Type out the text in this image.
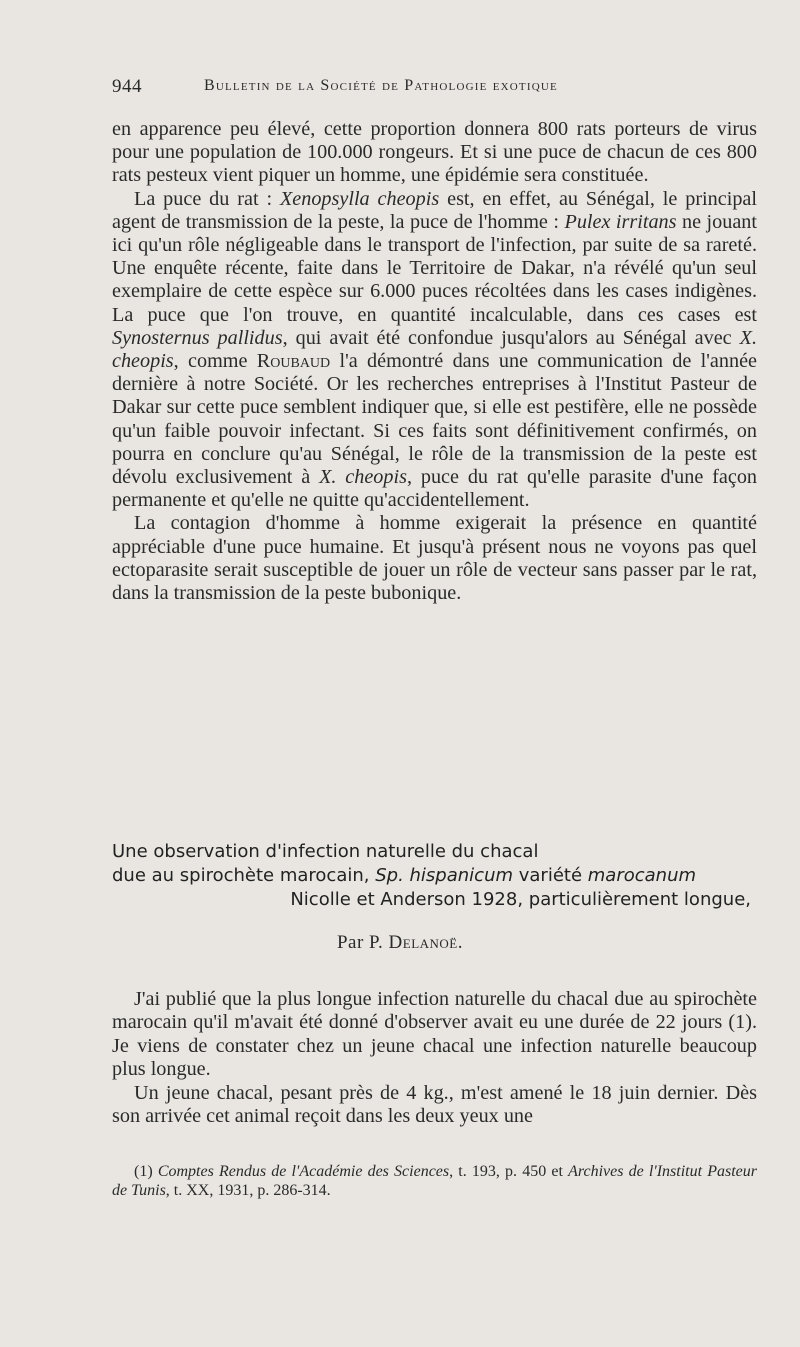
944	Bulletin de la Société de Pathologie exotique

en apparence peu élevé, cette proportion donnera 800 rats porteurs de virus pour une population de 100.000 rongeurs. Et si une puce de chacun de ces 800 rats pesteux vient piquer un homme, une épidémie sera constituée.

La puce du rat : Xenopsylla cheopis est, en effet, au Sénégal, le principal agent de transmission de la peste, la puce de l'homme : Pulex irritans ne jouant ici qu'un rôle négligeable dans le transport de l'infection, par suite de sa rareté. Une enquête récente, faite dans le Territoire de Dakar, n'a révélé qu'un seul exemplaire de cette espèce sur 6.000 puces récoltées dans les cases indigènes. La puce que l'on trouve, en quantité incalculable, dans ces cases est Synosternus pallidus, qui avait été confondue jusqu'alors au Sénégal avec X. cheopis, comme Roubaud l'a démontré dans une communication de l'année dernière à notre Société. Or les recherches entreprises à l'Institut Pasteur de Dakar sur cette puce semblent indiquer que, si elle est pestifère, elle ne possède qu'un faible pouvoir infectant. Si ces faits sont définitivement confirmés, on pourra en conclure qu'au Sénégal, le rôle de la transmission de la peste est dévolu exclusivement à X. cheopis, puce du rat qu'elle parasite d'une façon permanente et qu'elle ne quitte qu'accidentellement.

La contagion d'homme à homme exigerait la présence en quantité appréciable d'une puce humaine. Et jusqu'à présent nous ne voyons pas quel ectoparasite serait susceptible de jouer un rôle de vecteur sans passer par le rat, dans la transmission de la peste bubonique.

Une observation d'infection naturelle du chacal
due au spirochète marocain, Sp. hispanicum variété marocanum
Nicolle et Anderson 1928, particulièrement longue,
Par P. Delanoë.

J'ai publié que la plus longue infection naturelle du chacal due au spirochète marocain qu'il m'avait été donné d'observer avait eu une durée de 22 jours (1). Je viens de constater chez un jeune chacal une infection naturelle beaucoup plus longue.

Un jeune chacal, pesant près de 4 kg., m'est amené le 18 juin dernier. Dès son arrivée cet animal reçoit dans les deux yeux une

(1) Comptes Rendus de l'Académie des Sciences, t. 193, p. 450 et Archives de l'Institut Pasteur de Tunis, t. XX, 1931, p. 286-314.
